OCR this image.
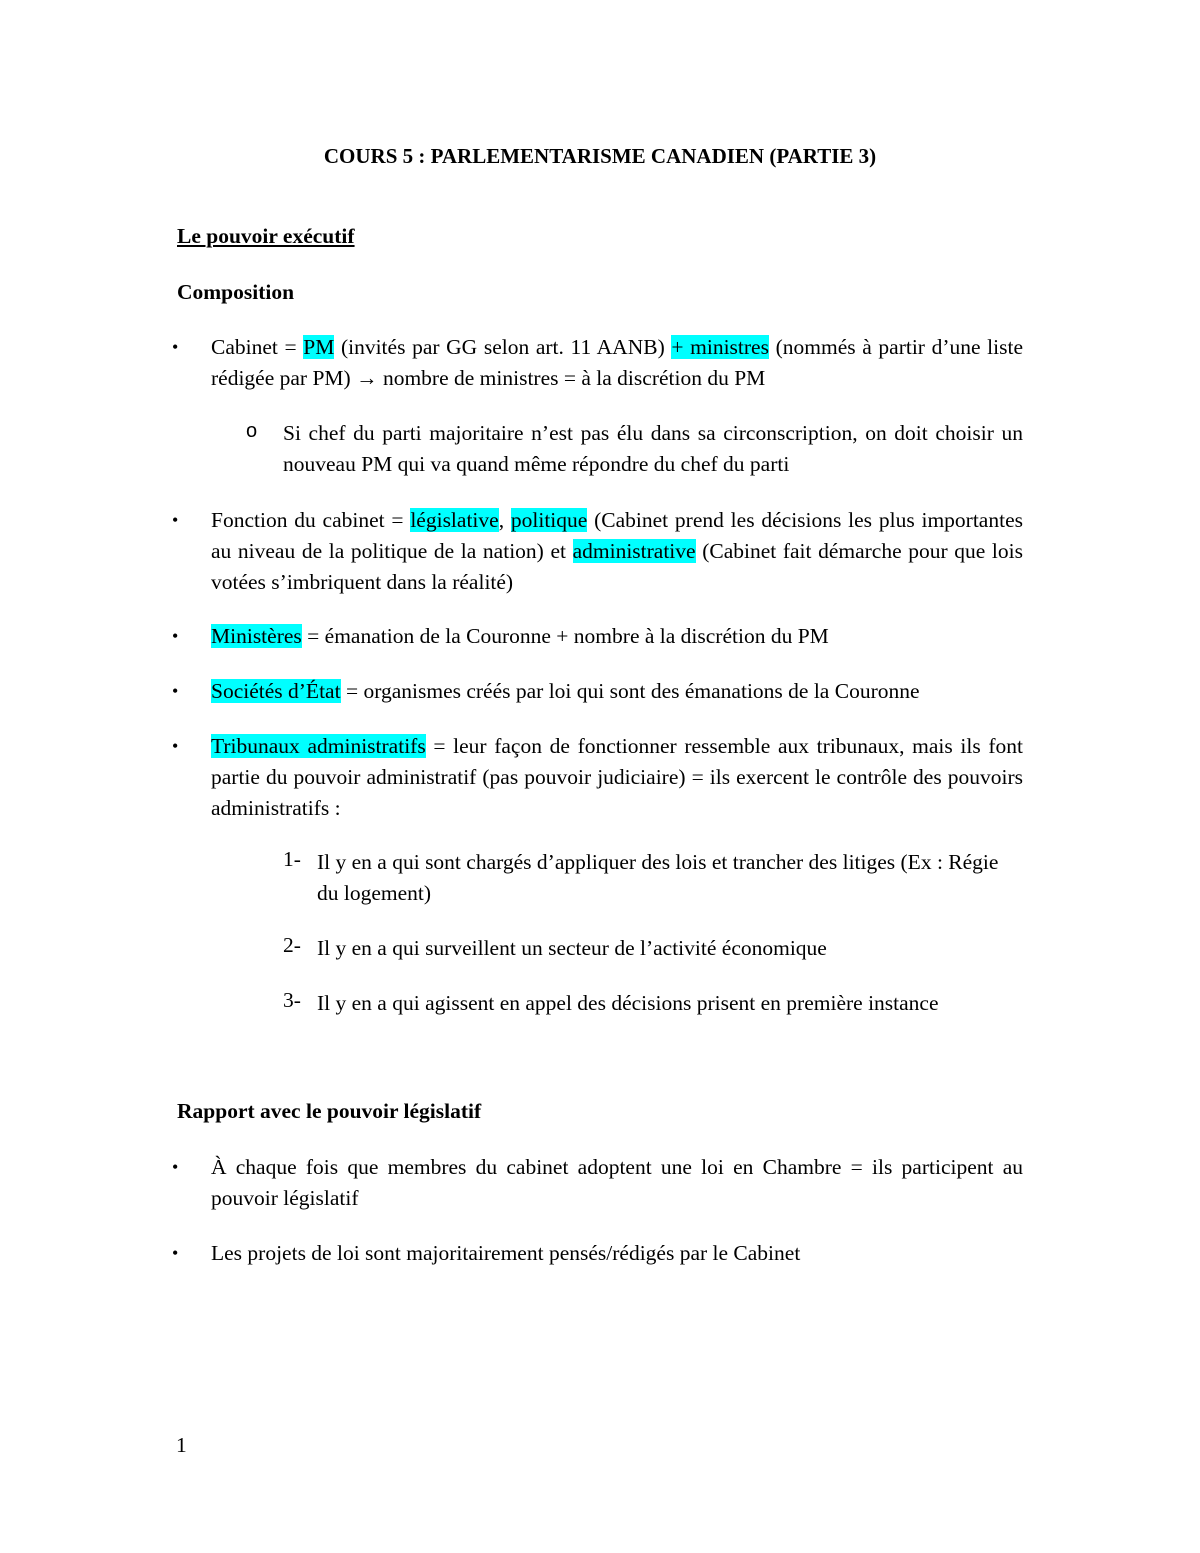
COURS 5 : PARLEMENTARISME CANADIEN (PARTIE 3)
Le pouvoir exécutif
Composition
• Cabinet = PM (invités par GG selon art. 11 AANB) + ministres (nommés à partir d’une liste rédigée par PM) → nombre de ministres = à la discrétion du PM
o Si chef du parti majoritaire n’est pas élu dans sa circonscription, on doit choisir un nouveau PM qui va quand même répondre du chef du parti
• Fonction du cabinet = législative, politique (Cabinet prend les décisions les plus importantes au niveau de la politique de la nation) et administrative (Cabinet fait démarche pour que lois votées s’imbriquent dans la réalité)
• Ministères = émanation de la Couronne + nombre à la discrétion du PM
• Sociétés d’État = organismes créés par loi qui sont des émanations de la Couronne
• Tribunaux administratifs = leur façon de fonctionner ressemble aux tribunaux, mais ils font partie du pouvoir administratif (pas pouvoir judiciaire) = ils exercent le contrôle des pouvoirs administratifs :
1- Il y en a qui sont chargés d’appliquer des lois et trancher des litiges (Ex : Régie du logement)
2- Il y en a qui surveillent un secteur de l’activité économique
3- Il y en a qui agissent en appel des décisions prisent en première instance
Rapport avec le pouvoir législatif
• À chaque fois que membres du cabinet adoptent une loi en Chambre = ils participent au pouvoir législatif
• Les projets de loi sont majoritairement pensés/rédigés par le Cabinet
1
